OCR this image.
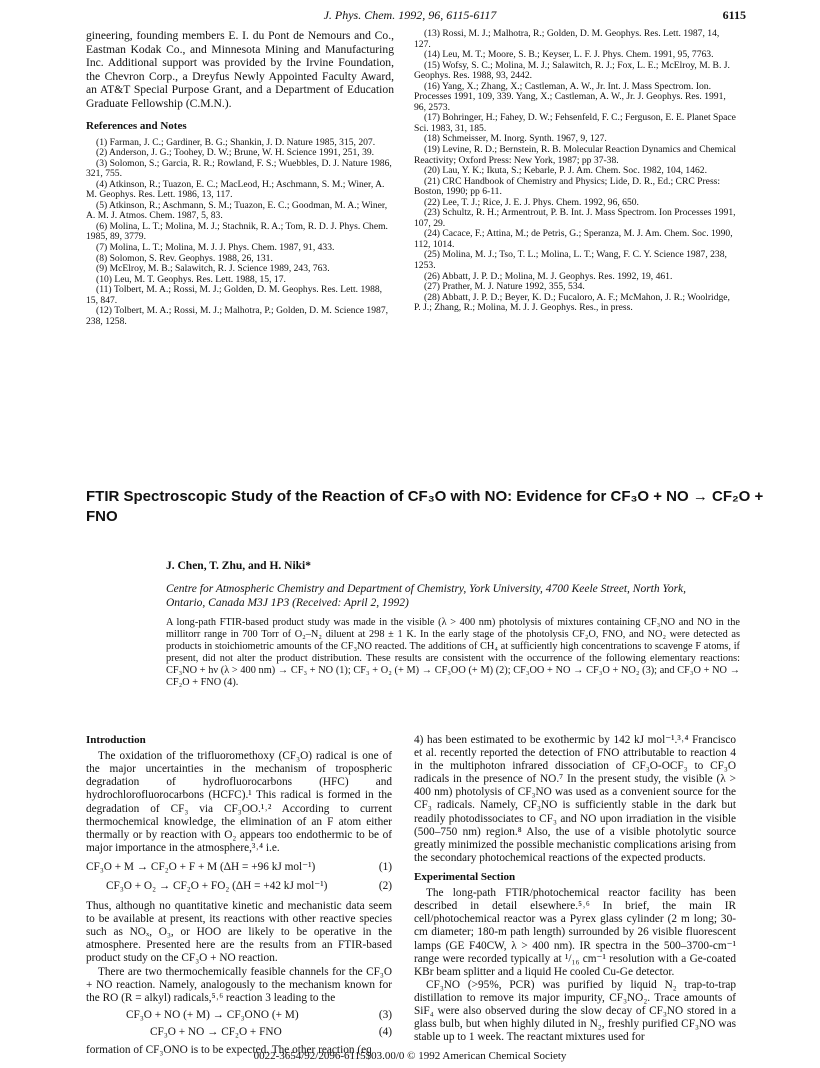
J. Phys. Chem. 1992, 96, 6115-6117	6115

gineering, founding members E. I. du Pont de Nemours and Co., Eastman Kodak Co., and Minnesota Mining and Manufacturing Inc. Additional support was provided by the Irvine Foundation, the Chevron Corp., a Dreyfus Newly Appointed Faculty Award, an AT&T Special Purpose Grant, and a Department of Education Graduate Fellowship (C.M.N.).

References and Notes

(1) Farman, J. C.; Gardiner, B. G.; Shankin, J. D. Nature 1985, 315, 207.

(2) Anderson, J. G.; Toohey, D. W.; Brune, W. H. Science 1991, 251, 39.

(3) Solomon, S.; Garcia, R. R.; Rowland, F. S.; Wuebbles, D. J. Nature 1986, 321, 755.

(4) Atkinson, R.; Tuazon, E. C.; MacLeod, H.; Aschmann, S. M.; Winer, A. M. Geophys. Res. Lett. 1986, 13, 117.

(5) Atkinson, R.; Aschmann, S. M.; Tuazon, E. C.; Goodman, M. A.; Winer, A. M. J. Atmos. Chem. 1987, 5, 83.

(6) Molina, L. T.; Molina, M. J.; Stachnik, R. A.; Tom, R. D. J. Phys. Chem. 1985, 89, 3779.

(7) Molina, L. T.; Molina, M. J. J. Phys. Chem. 1987, 91, 433.

(8) Solomon, S. Rev. Geophys. 1988, 26, 131.

(9) McElroy, M. B.; Salawitch, R. J. Science 1989, 243, 763.

(10) Leu, M. T. Geophys. Res. Lett. 1988, 15, 17.

(11) Tolbert, M. A.; Rossi, M. J.; Golden, D. M. Geophys. Res. Lett. 1988, 15, 847.

(12) Tolbert, M. A.; Rossi, M. J.; Malhotra, P.; Golden, D. M. Science 1987, 238, 1258.

(13) Rossi, M. J.; Malhotra, R.; Golden, D. M. Geophys. Res. Lett. 1987, 14, 127.

(14) Leu, M. T.; Moore, S. B.; Keyser, L. F. J. Phys. Chem. 1991, 95, 7763.

(15) Wofsy, S. C.; Molina, M. J.; Salawitch, R. J.; Fox, L. E.; McElroy, M. B. J. Geophys. Res. 1988, 93, 2442.

(16) Yang, X.; Zhang, X.; Castleman, A. W., Jr. Int. J. Mass Spectrom. Ion. Processes 1991, 109, 339. Yang, X.; Castleman, A. W., Jr. J. Geophys. Res. 1991, 96, 2573.

(17) Bohringer, H.; Fahey, D. W.; Fehsenfeld, F. C.; Ferguson, E. E. Planet Space Sci. 1983, 31, 185.

(18) Schmeisser, M. Inorg. Synth. 1967, 9, 127.

(19) Levine, R. D.; Bernstein, R. B. Molecular Reaction Dynamics and Chemical Reactivity; Oxford Press: New York, 1987; pp 37-38.

(20) Lau, Y. K.; Ikuta, S.; Kebarle, P. J. Am. Chem. Soc. 1982, 104, 1462.

(21) CRC Handbook of Chemistry and Physics; Lide, D. R., Ed.; CRC Press: Boston, 1990; pp 6-11.

(22) Lee, T. J.; Rice, J. E. J. Phys. Chem. 1992, 96, 650.

(23) Schultz, R. H.; Armentrout, P. B. Int. J. Mass Spectrom. Ion Processes 1991, 107, 29.

(24) Cacace, F.; Attina, M.; de Petris, G.; Speranza, M. J. Am. Chem. Soc. 1990, 112, 1014.

(25) Molina, M. J.; Tso, T. L.; Molina, L. T.; Wang, F. C. Y. Science 1987, 238, 1253.

(26) Abbatt, J. P. D.; Molina, M. J. Geophys. Res. 1992, 19, 461.

(27) Prather, M. J. Nature 1992, 355, 534.

(28) Abbatt, J. P. D.; Beyer, K. D.; Fucaloro, A. F.; McMahon, J. R.; Woolridge, P. J.; Zhang, R.; Molina, M. J. J. Geophys. Res., in press.

FTIR Spectroscopic Study of the Reaction of CF₃O with NO: Evidence for CF₃O + NO → CF₂O + FNO
J. Chen, T. Zhu, and H. Niki*
Centre for Atmospheric Chemistry and Department of Chemistry, York University, 4700 Keele Street, North York, Ontario, Canada M3J 1P3 (Received: April 2, 1992)
A long-path FTIR-based product study was made in the visible (λ > 400 nm) photolysis of mixtures containing CF₃NO and NO in the millitorr range in 700 Torr of O₂–N₂ diluent at 298 ± 1 K. In the early stage of the photolysis CF₂O, FNO, and NO₂ were detected as products in stoichiometric amounts of the CF₃NO reacted. The additions of CH₄ at sufficiently high concentrations to scavenge F atoms, if present, did not alter the product distribution. These results are consistent with the occurrence of the following elementary reactions: CF₃NO + hν (λ > 400 nm) → CF₃ + NO (1); CF₃ + O₂ (+ M) → CF₃OO (+ M) (2); CF₃OO + NO → CF₃O + NO₂ (3); and CF₃O + NO → CF₂O + FNO (4).
Introduction

The oxidation of the trifluoromethoxy (CF₃O) radical is one of the major uncertainties in the mechanism of tropospheric degradation of hydrofluorocarbons (HFC) and hydrochlorofluorocarbons (HCFC).¹ This radical is formed in the degradation of CF₃ via CF₃OO.¹˒² According to current thermochemical knowledge, the elimination of an F atom either thermally or by reaction with O₂ appears too endothermic to be of major importance in the atmosphere,³˒⁴ i.e.

CF₃O + M → CF₂O + F + M (ΔH = +96 kJ mol⁻¹)	(1)
CF₃O + O₂ → CF₂O + FO₂ (ΔH = +42 kJ mol⁻¹)	(2)

Thus, although no quantitative kinetic and mechanistic data seem to be available at present, its reactions with other reactive species such as NOₓ, O₃, or HOO are likely to be operative in the atmosphere. Presented here are the results from an FTIR-based product study on the CF₃O + NO reaction.

There are two thermochemically feasible channels for the CF₃O + NO reaction. Namely, analogously to the mechanism known for the RO (R = alkyl) radicals,⁵˒⁶ reaction 3 leading to the

CF₃O + NO (+ M) → CF₃ONO (+ M)	(3)
CF₃O + NO → CF₂O + FNO	(4)

formation of CF₃ONO is to be expected. The other reaction (eq

4) has been estimated to be exothermic by 142 kJ mol⁻¹.³˒⁴ Francisco et al. recently reported the detection of FNO attributable to reaction 4 in the multiphoton infrared dissociation of CF₃O-OCF₃ to CF₃O radicals in the presence of NO.⁷ In the present study, the visible (λ > 400 nm) photolysis of CF₃NO was used as a convenient source for the CF₃ radicals. Namely, CF₃NO is sufficiently stable in the dark but readily photodissociates to CF₃ and NO upon irradiation in the visible (500–750 nm) region.⁸ Also, the use of a visible photolytic source greatly minimized the possible mechanistic complications arising from the secondary photochemical reactions of the expected products.

Experimental Section

The long-path FTIR/photochemical reactor facility has been described in detail elsewhere.⁵˒⁶ In brief, the main IR cell/photochemical reactor was a Pyrex glass cylinder (2 m long; 30-cm diameter; 180-m path length) surrounded by 26 visible fluorescent lamps (GE F40CW, λ > 400 nm). IR spectra in the 500–3700-cm⁻¹ range were recorded typically at ¹/₁₆ cm⁻¹ resolution with a Ge-coated KBr beam splitter and a liquid He cooled Cu-Ge detector.

CF₃NO (>95%, PCR) was purified by liquid N₂ trap-to-trap distillation to remove its major impurity, CF₃NO₂. Trace amounts of SiF₄ were also observed during the slow decay of CF₃NO stored in a glass bulb, but when highly diluted in N₂, freshly purified CF₃NO was stable up to 1 week. The reactant mixtures used for

0022-3654/92/2096-6115$03.00/0 © 1992 American Chemical Society
